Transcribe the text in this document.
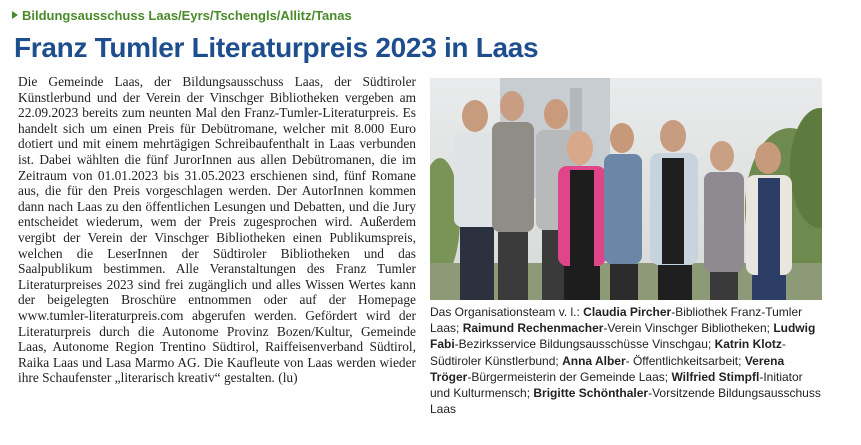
Bildungsausschuss Laas/Eyrs/Tschengls/Allitz/Tanas
Franz Tumler Literaturpreis 2023 in Laas

Die Gemeinde Laas, der Bildungsausschuss Laas, der Südtiroler Künstlerbund und der Verein der Vinschger Bibliotheken vergeben am 22.09.2023 bereits zum neunten Mal den Franz-Tumler-Literaturpreis. Es handelt sich um einen Preis für Debütromane, welcher mit 8.000 Euro dotiert und mit einem mehrtägigen Schreibaufenthalt in Laas verbunden ist. Dabei wählten die fünf JurorInnen aus allen Debütromanen, die im Zeitraum von 01.01.2023 bis 31.05.2023 erschienen sind, fünf Romane aus, die für den Preis vorgeschlagen werden. Der AutorInnen kommen dann nach Laas zu den öffentlichen Lesungen und Debatten, und die Jury entscheidet wiederum, wem der Preis zugesprochen wird. Außerdem vergibt der Verein der Vinschger Bibliotheken einen Publikumspreis, welchen die LeserInnen der Südtiroler Bibliotheken und das Saalpublikum bestimmen. Alle Veranstaltungen des Franz Tumler Literaturpreises 2023 sind frei zugänglich und alles Wissen Wertes kann der beigelegten Broschüre entnommen oder auf der Homepage www.tumler-literaturpreis.com abgerufen werden. Gefördert wird der Literaturpreis durch die Autonome Provinz Bozen/Kultur, Gemeinde Laas, Autonome Region Trentino Südtirol, Raiffeisenverband Südtirol, Raika Laas und Lasa Marmo AG. Die Kaufleute von Laas werden wieder ihre Schaufenster „literarisch kreativ“ gestalten. (lu)

Das Organisationsteam v. l.: Claudia Pircher-Bibliothek Franz-Tumler Laas; Raimund Rechenmacher-Verein Vinschger Bibliotheken; Ludwig Fabi-Bezirksservice Bildungsausschüsse Vinschgau; Katrin Klotz-Südtiroler Künstlerbund; Anna Alber- Öffentlichkeitsarbeit; Verena Tröger-Bürgermeisterin der Gemeinde Laas; Wilfried Stimpfl-Initiator und Kulturmensch; Brigitte Schönthaler-Vorsitzende Bildungsausschuss Laas
